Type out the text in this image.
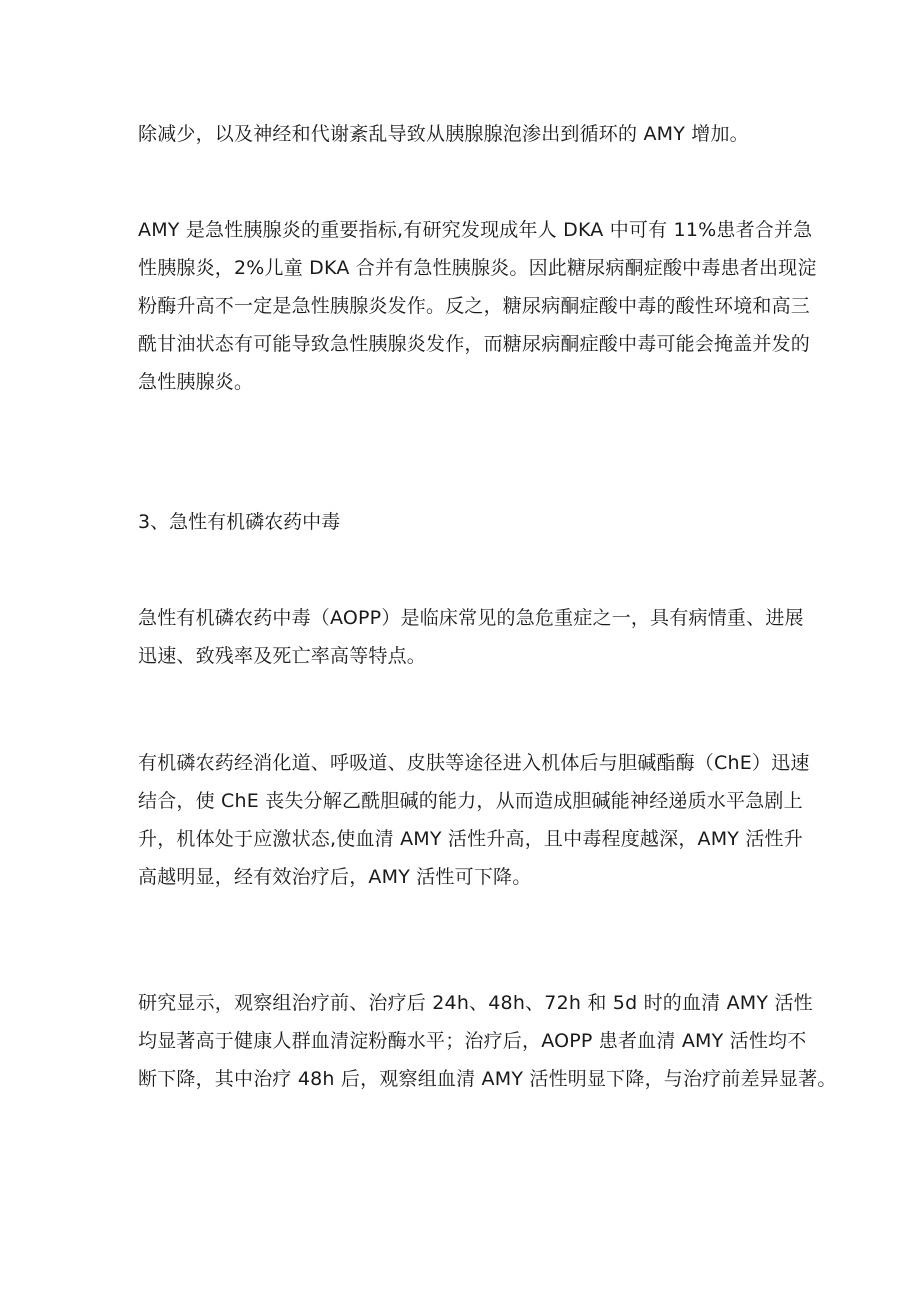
除减少，以及神经和代谢紊乱导致从胰腺腺泡渗出到循环的 AMY 增加。
AMY 是急性胰腺炎的重要指标,有研究发现成年人 DKA 中可有 11%患者合并急
性胰腺炎，2%儿童 DKA 合并有急性胰腺炎。因此糖尿病酮症酸中毒患者出现淀
粉酶升高不一定是急性胰腺炎发作。反之，糖尿病酮症酸中毒的酸性环境和高三
酰甘油状态有可能导致急性胰腺炎发作，而糖尿病酮症酸中毒可能会掩盖并发的
急性胰腺炎。
3、急性有机磷农药中毒
急性有机磷农药中毒（AOPP）是临床常见的急危重症之一，具有病情重、进展
迅速、致残率及死亡率高等特点。
有机磷农药经消化道、呼吸道、皮肤等途径进入机体后与胆碱酯酶（ChE）迅速
结合，使 ChE 丧失分解乙酰胆碱的能力，从而造成胆碱能神经递质水平急剧上
升，机体处于应激状态,使血清 AMY 活性升高，且中毒程度越深，AMY 活性升
高越明显，经有效治疗后，AMY 活性可下降。
研究显示，观察组治疗前、治疗后 24h、48h、72h 和 5d 时的血清 AMY 活性
均显著高于健康人群血清淀粉酶水平；治疗后，AOPP 患者血清 AMY 活性均不
断下降，其中治疗 48h 后，观察组血清 AMY 活性明显下降，与治疗前差异显著。
